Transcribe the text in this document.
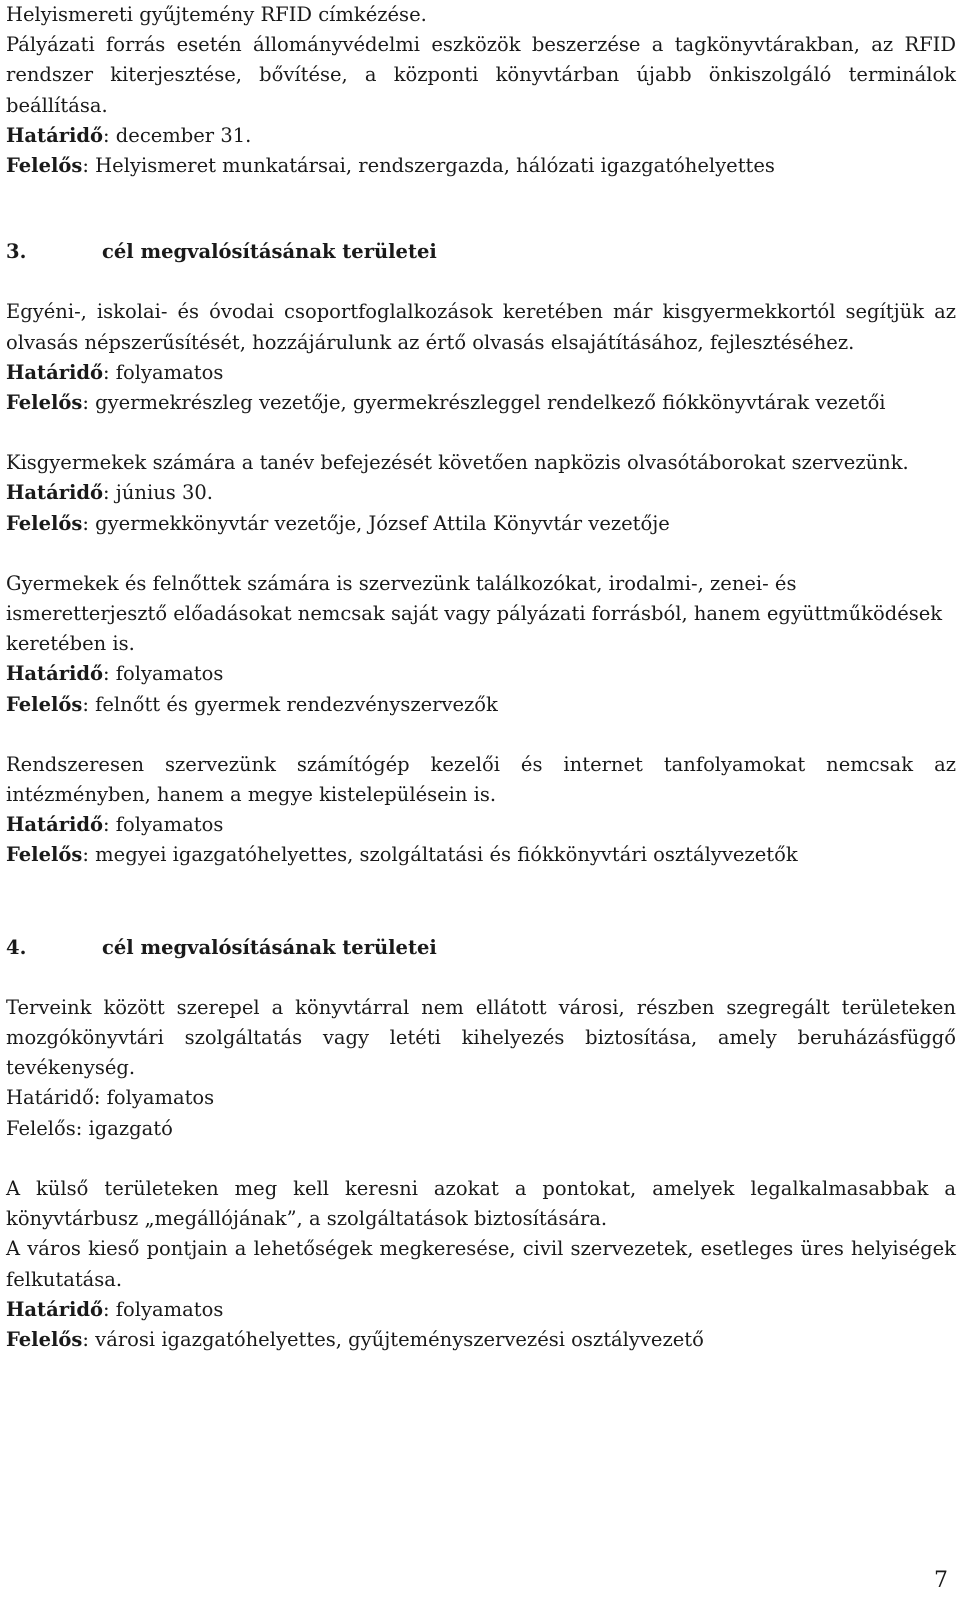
Helyismereti gyűjtemény RFID címkézése.

Pályázati forrás esetén állományvédelmi eszközök beszerzése a tagkönyvtárakban, az RFID rendszer kiterjesztése, bővítése, a központi könyvtárban újabb önkiszolgáló terminálok beállítása.

Határidő: december 31.

Felelős: Helyismeret munkatársai, rendszergazda, hálózati igazgatóhelyettes

3.	cél megvalósításának területei

Egyéni-, iskolai- és óvodai csoportfoglalkozások keretében már kisgyermekkortól segítjük az olvasás népszerűsítését, hozzájárulunk az értő olvasás elsajátításához, fejlesztéséhez.

Határidő: folyamatos

Felelős: gyermekrészleg vezetője, gyermekrészleggel rendelkező fiókkönyvtárak vezetői

Kisgyermekek számára a tanév befejezését követően napközis olvasótáborokat szervezünk.

Határidő: június 30.

Felelős: gyermekkönyvtár vezetője, József Attila Könyvtár vezetője

Gyermekek és felnőttek számára is szervezünk találkozókat, irodalmi-, zenei- és ismeretterjesztő előadásokat nemcsak saját vagy pályázati forrásból, hanem együttműködések keretében is.

Határidő: folyamatos

Felelős: felnőtt és gyermek rendezvényszervezők

Rendszeresen szervezünk számítógép kezelői és internet tanfolyamokat nemcsak az intézményben, hanem a megye kistelepülésein is.

Határidő: folyamatos

Felelős: megyei igazgatóhelyettes, szolgáltatási és fiókkönyvtári osztályvezetők

4.	cél megvalósításának területei

Terveink között szerepel a könyvtárral nem ellátott városi, részben szegregált területeken mozgókönyvtári szolgáltatás vagy letéti kihelyezés biztosítása, amely beruházásfüggő tevékenység.

Határidő: folyamatos

Felelős: igazgató

A külső területeken meg kell keresni azokat a pontokat, amelyek legalkalmasabbak a könyvtárbusz „megállójának”, a szolgáltatások biztosítására.

A város kieső pontjain a lehetőségek megkeresése, civil szervezetek, esetleges üres helyiségek felkutatása.

Határidő: folyamatos

Felelős: városi igazgatóhelyettes, gyűjteményszervezési osztályvezető

7
